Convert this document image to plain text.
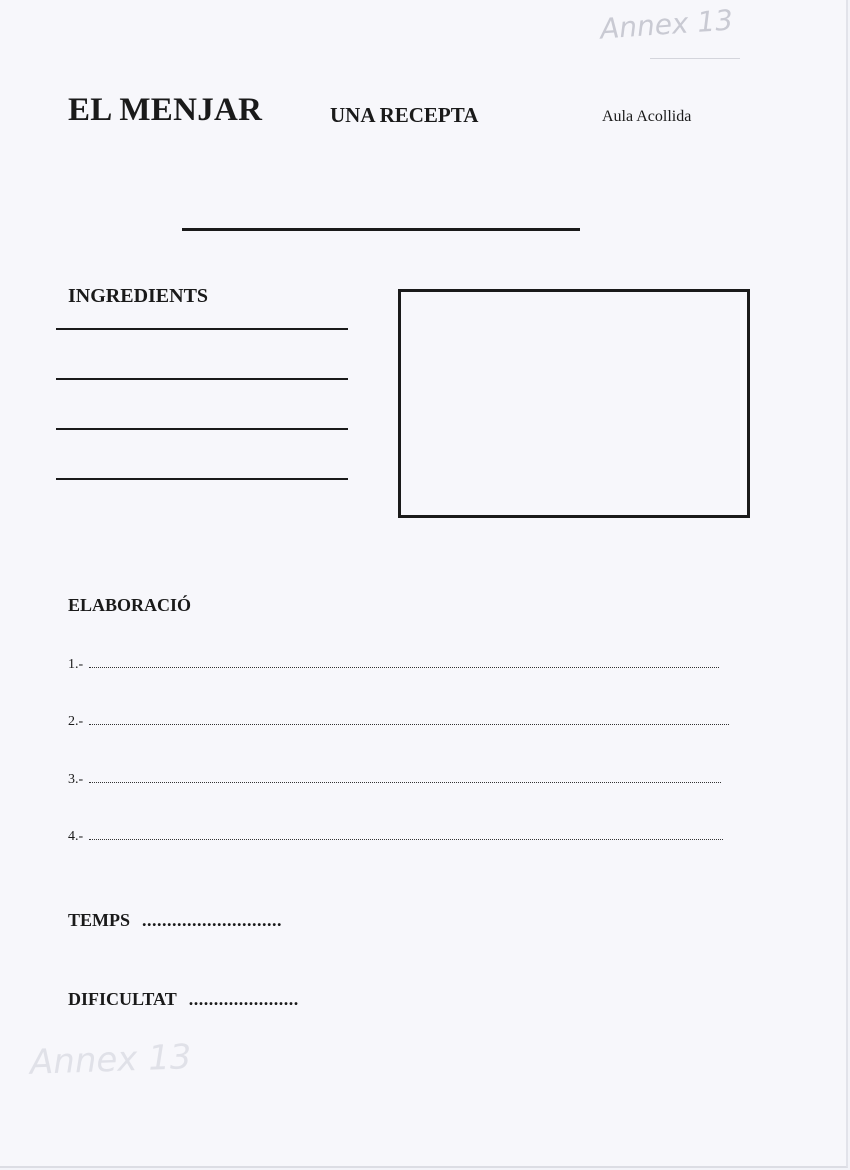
Annex 13
EL MENJAR	UNA RECEPTA	Aula Acollida
INGREDIENTS
ELABORACIÓ
1.-
2.-
3.-
4.-
TEMPS ............................
DIFICULTAT ......................
Annex 13
